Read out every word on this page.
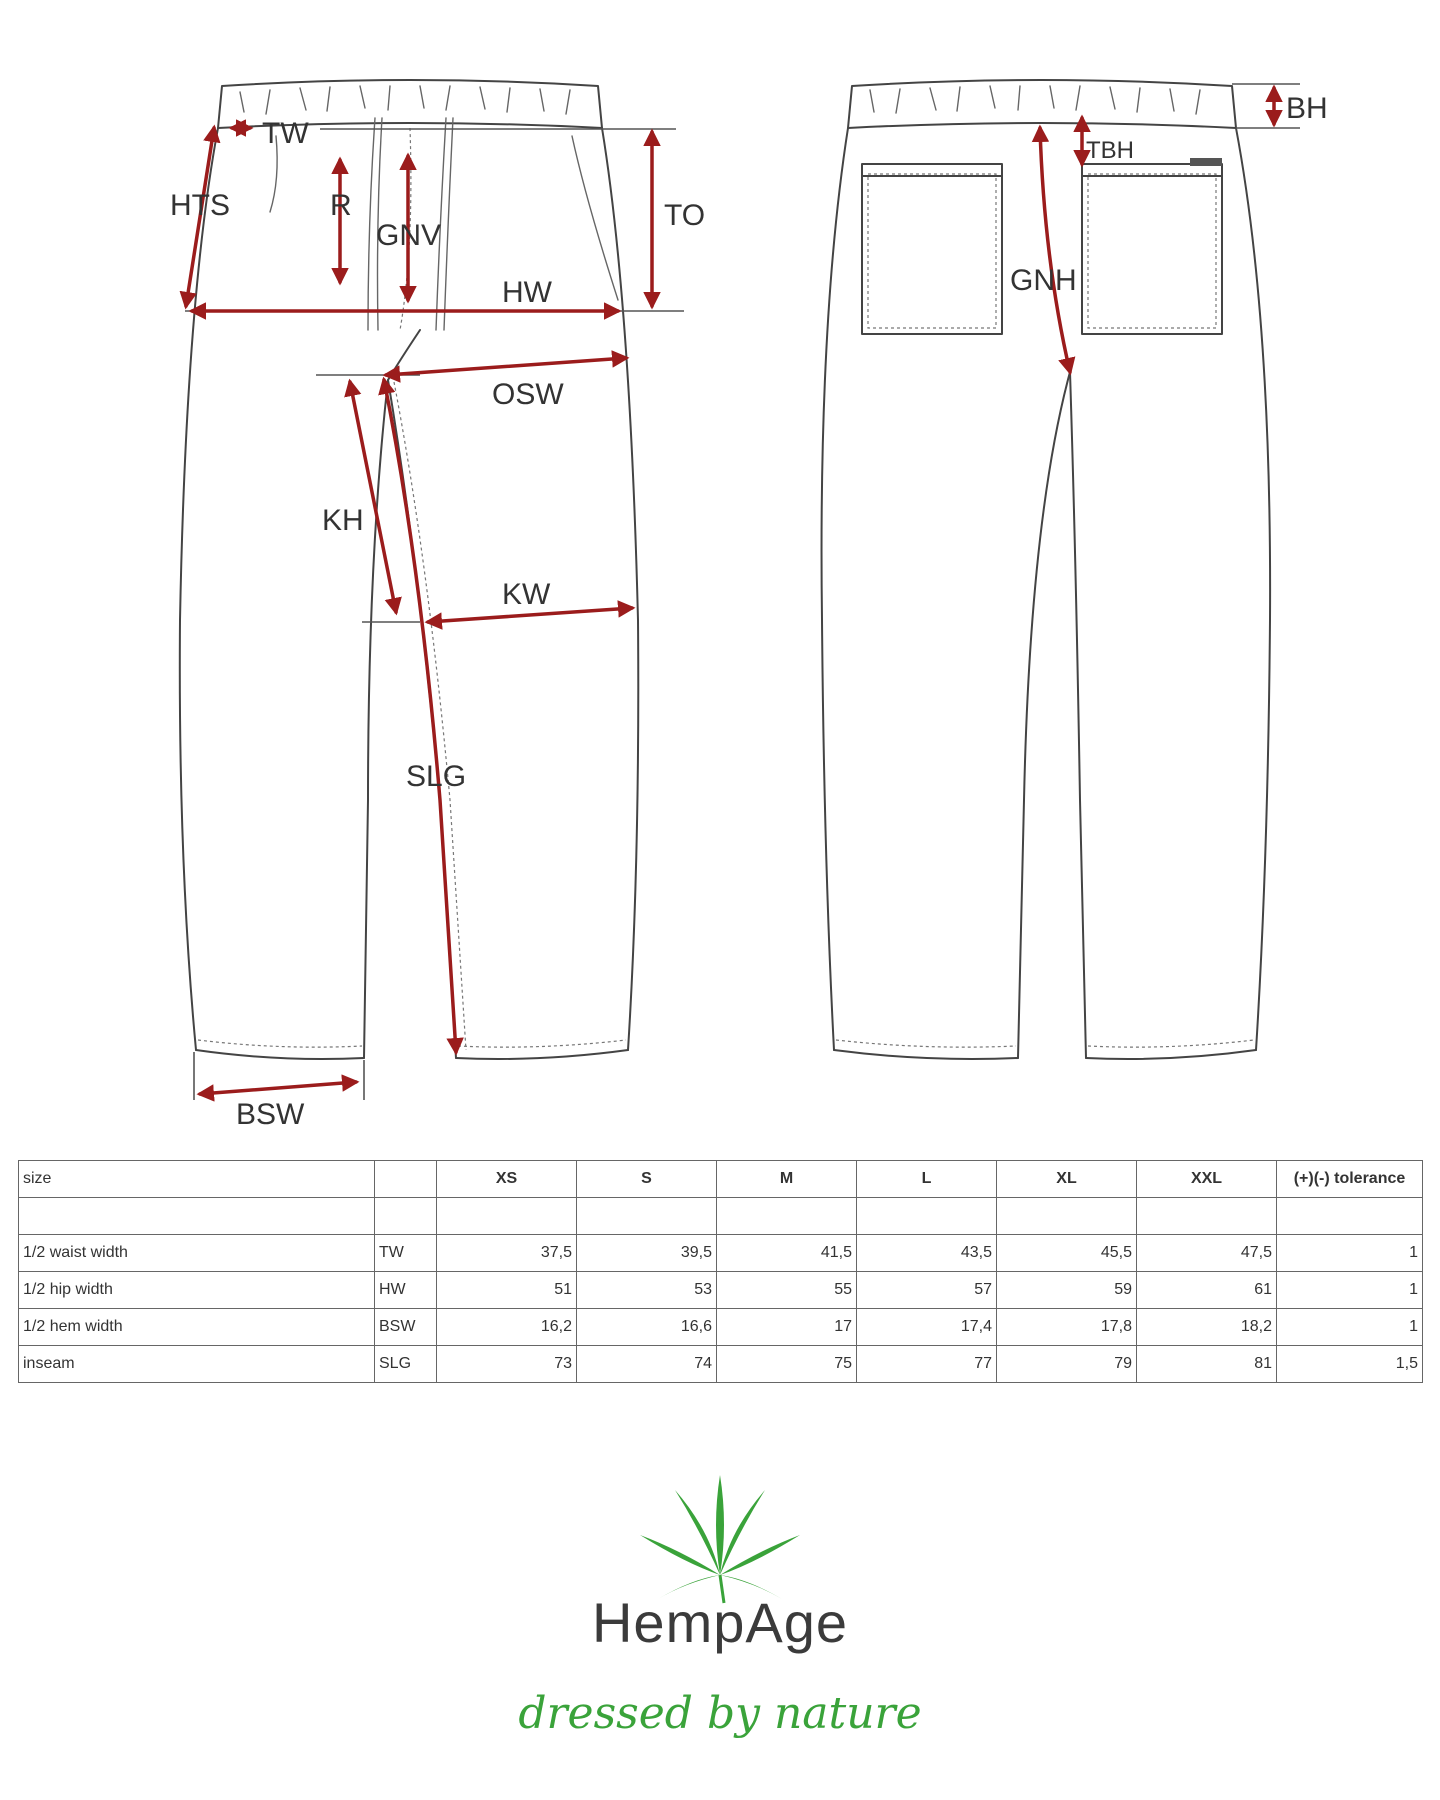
TW
HTS	R
GNV
TO
HW
OSW
KH
KW
SLG
BSW
BH
TBH
GNH
size		XS	S	M	L	XL	XXL	(+)(-) tolerance

1/2 waist width	TW	37,5	39,5	41,5	43,5	45,5	47,5	1
1/2 hip width	HW	51	53	55	57	59	61	1
1/2 hem width	BSW	16,2	16,6	17	17,4	17,8	18,2	1
inseam	SLG	73	74	75	77	79	81	1,5
HempAge
dressed by nature
